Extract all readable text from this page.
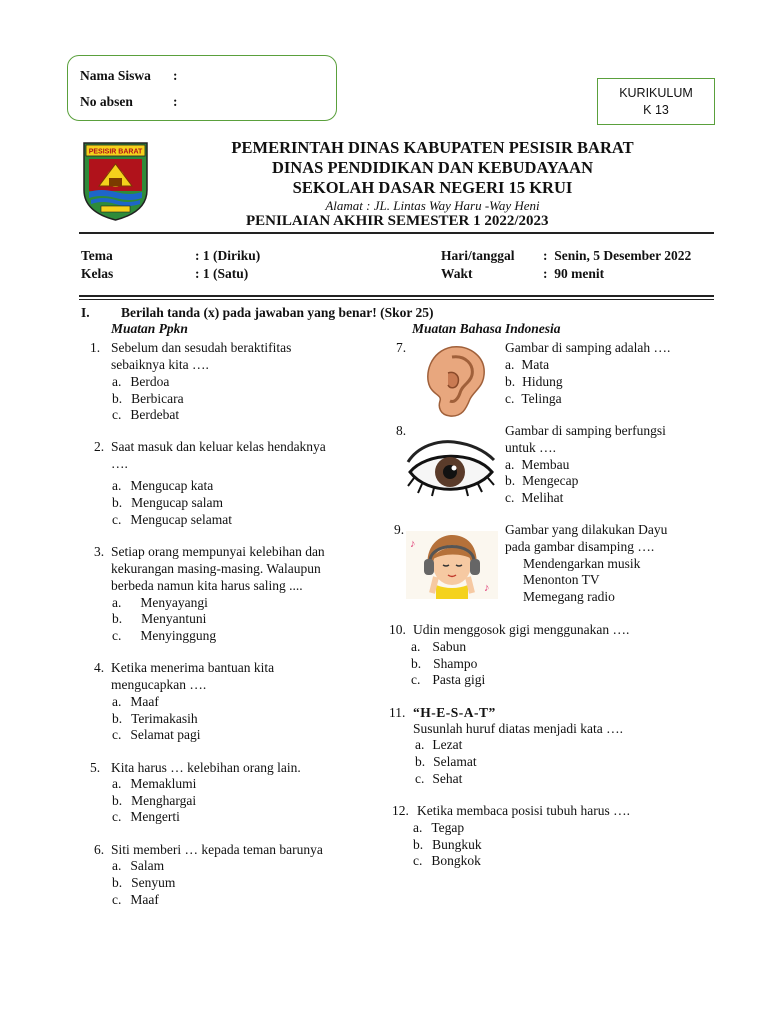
Nama Siswa :
No absen	:
KURIKULUM
K 13
PESISIR BARAT	PEMERINTAH DINAS KABUPATEN PESISIR BARAT
DINAS PENDIDIKAN DAN KEBUDAYAAN
SEKOLAH DASAR NEGERI 15 KRUI
Alamat : JL. Lintas Way Haru -Way Heni
PENILAIAN AKHIR SEMESTER 1 2022/2023
Tema	: 1 (Diriku)
Kelas	: 1 (Satu)
Hari/tanggal :  Senin, 5 Desember 2022
Wakt	:  90 menit
I. Berilah tanda (x) pada jawaban yang benar! (Skor 25)
Muatan Ppkn	Muatan Bahasa Indonesia
1. Sebelum dan sesudah beraktifitas
sebaiknya kita ….
a. Berdoa
b. Berbicara
c. Berdebat
2. Saat masuk dan keluar kelas hendaknya
….
a. Mengucap kata
b. Mengucap salam
c. Mengucap selamat
3. Setiap orang mempunyai kelebihan dan
kekurangan masing-masing. Walaupun
berbeda namun kita harus saling ....
a. Menyayangi
b. Menyantuni
c. Menyinggung
4. Ketika menerima bantuan kita
mengucapkan ….
a. Maaf
b. Terimakasih
c. Selamat pagi
5. Kita harus … kelebihan orang lain.
a. Memaklumi
b. Menghargai
c. Mengerti
6. Siti memberi … kepada teman barunya
a. Salam
b. Senyum
c. Maaf
7.	Gambar di samping adalah ….
a. Mata
b. Hidung
c. Telinga
8.	Gambar di samping berfungsi
untuk ….
a. Membau
b. Mengecap
c. Melihat
9.
♪
♪
Gambar yang dilakukan Dayu
pada gambar disamping ….
Mendengarkan musik
Menonton TV
Memegang radio
10. Udin menggosok gigi menggunakan ….
a. Sabun
b. Shampo
c. Pasta gigi
11. “H-E-S-A-T”
Susunlah huruf diatas menjadi kata ….
a. Lezat
b. Selamat
c. Sehat
12. Ketika membaca posisi tubuh harus ….
a. Tegap
b. Bungkuk
c. Bongkok
